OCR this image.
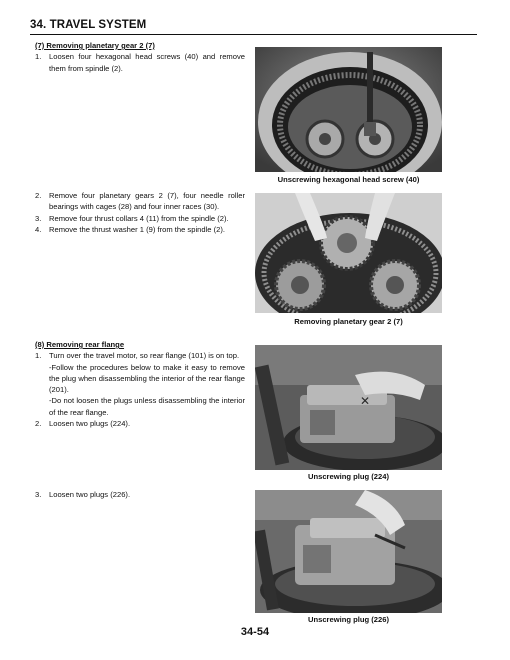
34. TRAVEL SYSTEM
(7) Removing planetary gear 2 (7)
1.	Loosen four hexagonal head screws (40) and remove them from spindle (2).
2.	Remove four planetary gears 2 (7), four needle roller bearings with cages (28) and four inner races (30).
3.	Remove four thrust collars 4 (11) from the spindle (2).
4.	Remove the thrust washer 1 (9) from the spindle (2).
(8) Removing rear flange
1.	Turn over the travel motor, so rear flange (101) is on top.
-Follow the procedures below to make it easy to remove the plug when disassembling the interior of the rear flange (201).
-Do not loosen the plugs unless disassembling the interior of the rear flange.
2.	Loosen two plugs (224).
3.	Loosen two plugs (226).
Unscrewing hexagonal head screw (40)
Removing planetary gear 2 (7)
✕
Unscrewing plug (224)
Unscrewing plug (226)
34-54
